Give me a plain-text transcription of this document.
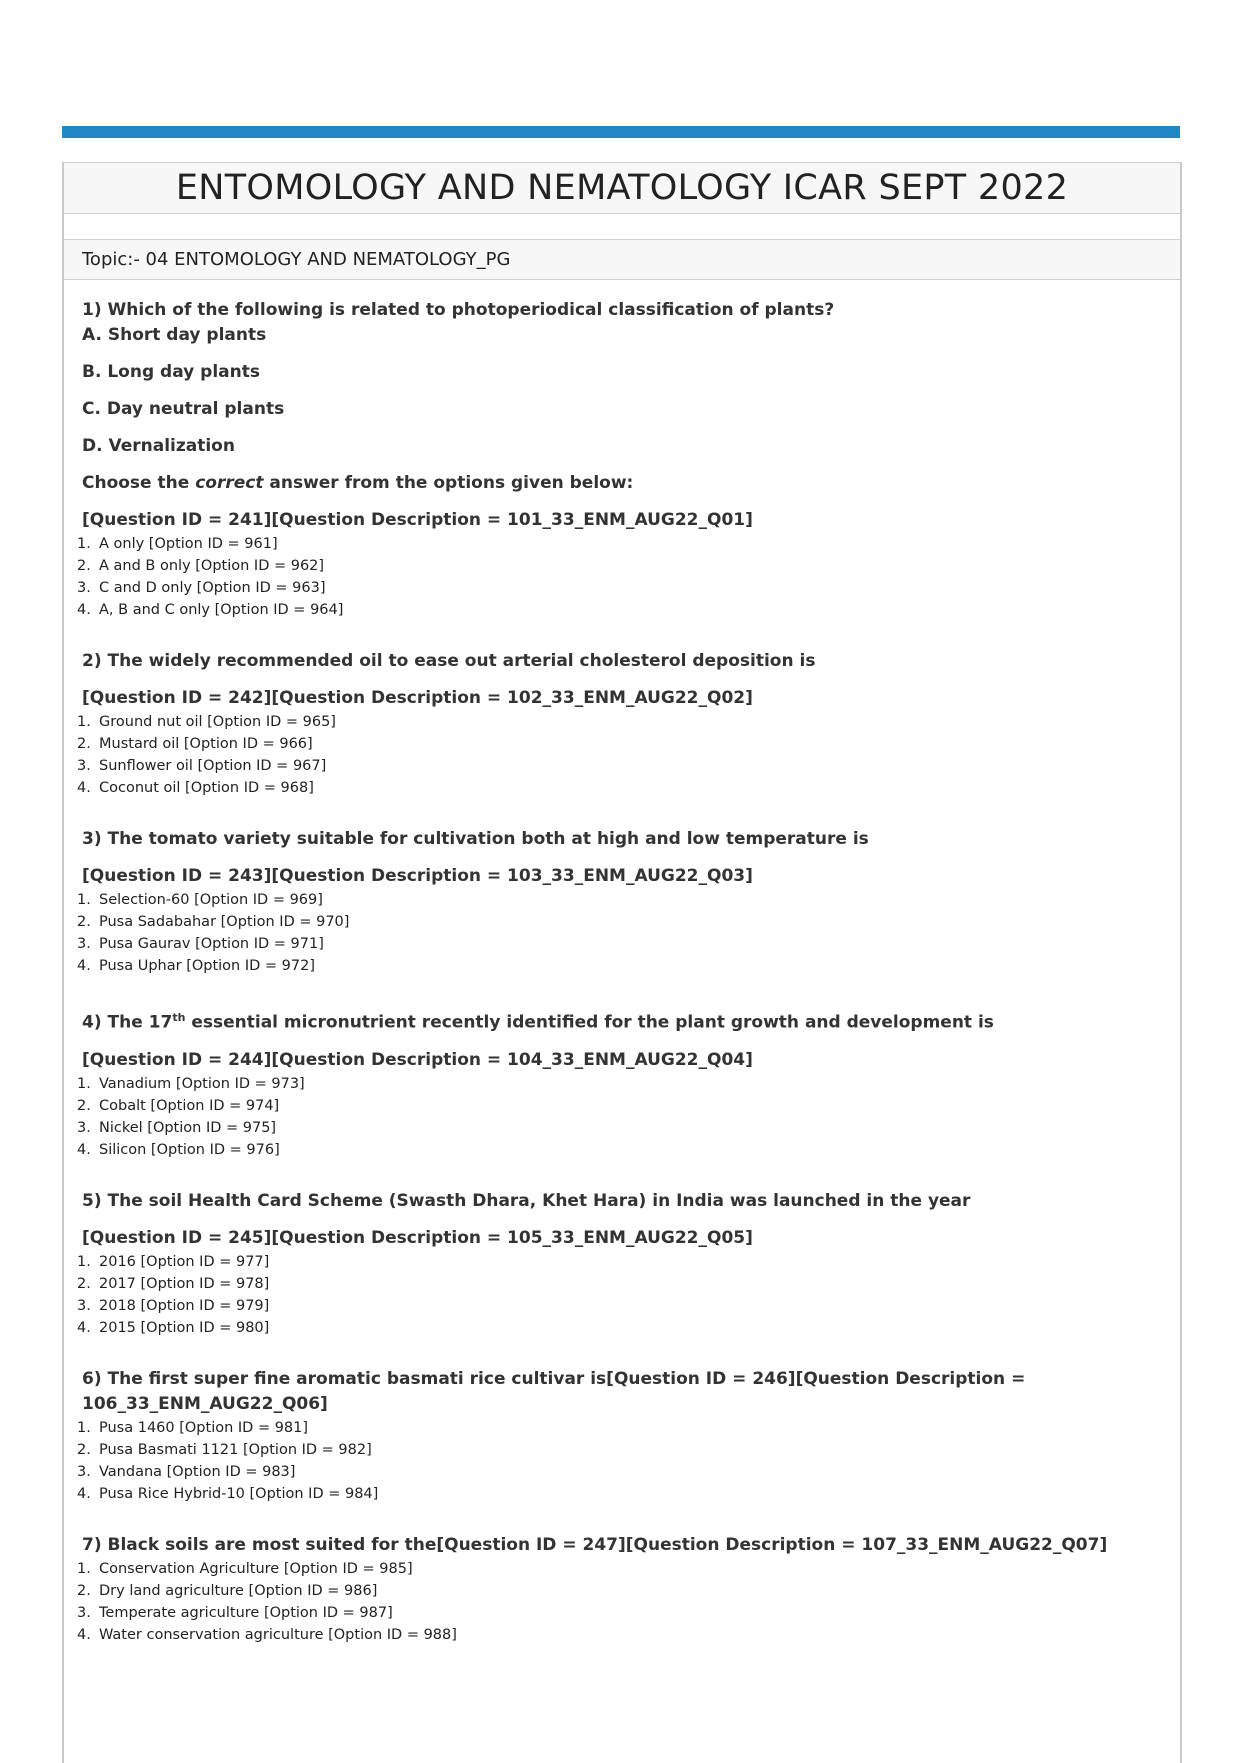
ENTOMOLOGY AND NEMATOLOGY ICAR SEPT 2022
Topic:- 04 ENTOMOLOGY AND NEMATOLOGY_PG
1) Which of the following is related to photoperiodical classification of plants?
A. Short day plants
B. Long day plants
C. Day neutral plants
D. Vernalization
Choose the correct answer from the options given below:
[Question ID = 241][Question Description = 101_33_ENM_AUG22_Q01]
1. A only [Option ID = 961]
2. A and B only [Option ID = 962]
3. C and D only [Option ID = 963]
4. A, B and C only [Option ID = 964]
2) The widely recommended oil to ease out arterial cholesterol deposition is
[Question ID = 242][Question Description = 102_33_ENM_AUG22_Q02]
1. Ground nut oil [Option ID = 965]
2. Mustard oil [Option ID = 966]
3. Sunflower oil [Option ID = 967]
4. Coconut oil [Option ID = 968]
3) The tomato variety suitable for cultivation both at high and low temperature is
[Question ID = 243][Question Description = 103_33_ENM_AUG22_Q03]
1. Selection-60 [Option ID = 969]
2. Pusa Sadabahar [Option ID = 970]
3. Pusa Gaurav [Option ID = 971]
4. Pusa Uphar [Option ID = 972]
4) The 17th essential micronutrient recently identified for the plant growth and development is
[Question ID = 244][Question Description = 104_33_ENM_AUG22_Q04]
1. Vanadium [Option ID = 973]
2. Cobalt [Option ID = 974]
3. Nickel [Option ID = 975]
4. Silicon [Option ID = 976]
5) The soil Health Card Scheme (Swasth Dhara, Khet Hara) in India was launched in the year
[Question ID = 245][Question Description = 105_33_ENM_AUG22_Q05]
1. 2016 [Option ID = 977]
2. 2017 [Option ID = 978]
3. 2018 [Option ID = 979]
4. 2015 [Option ID = 980]
6) The first super fine aromatic basmati rice cultivar is[Question ID = 246][Question Description =
106_33_ENM_AUG22_Q06]
1. Pusa 1460 [Option ID = 981]
2. Pusa Basmati 1121 [Option ID = 982]
3. Vandana [Option ID = 983]
4. Pusa Rice Hybrid-10 [Option ID = 984]
7) Black soils are most suited for the[Question ID = 247][Question Description = 107_33_ENM_AUG22_Q07]
1. Conservation Agriculture [Option ID = 985]
2. Dry land agriculture [Option ID = 986]
3. Temperate agriculture [Option ID = 987]
4. Water conservation agriculture [Option ID = 988]
